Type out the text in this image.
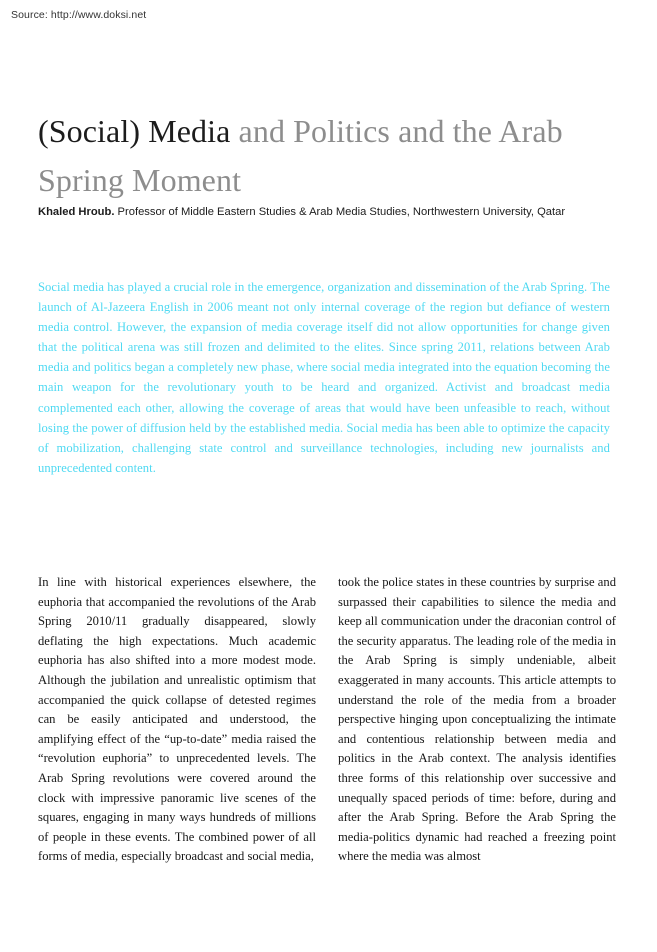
Source: http://www.doksi.net
(Social) Media and Politics and the Arab Spring Moment
Khaled Hroub. Professor of Middle Eastern Studies & Arab Media Studies, Northwestern University, Qatar
Social media has played a crucial role in the emergence, organization and dissemination of the Arab Spring. The launch of Al-Jazeera English in 2006 meant not only internal coverage of the region but defiance of western media control. However, the expansion of media coverage itself did not allow opportunities for change given that the political arena was still frozen and delimited to the elites. Since spring 2011, relations between Arab media and politics began a completely new phase, where social media integrated into the equation becoming the main weapon for the revolutionary youth to be heard and organized. Activist and broadcast media complemented each other, allowing the coverage of areas that would have been unfeasible to reach, without losing the power of diffusion held by the established media. Social media has been able to optimize the capacity of mobilization, challenging state control and surveillance technologies, including new journalists and unprecedented content.

In line with historical experiences elsewhere, the euphoria that accompanied the revolutions of the Arab Spring 2010/11 gradually disappeared, slowly deflating the high expectations. Much academic euphoria has also shifted into a more modest mode. Although the jubilation and unrealistic optimism that accompanied the quick collapse of detested regimes can be easily anticipated and understood, the amplifying effect of the “up-to-date” media raised the “revolution euphoria” to unprecedented levels. The Arab Spring revolutions were covered around the clock with impressive panoramic live scenes of the squares, engaging in many ways hundreds of millions of people in these events. The combined power of all forms of media, especially broadcast and social media,

took the police states in these countries by surprise and surpassed their capabilities to silence the media and keep all communication under the draconian control of the security apparatus. The leading role of the media in the Arab Spring is simply undeniable, albeit exaggerated in many accounts. This article attempts to understand the role of the media from a broader perspective hinging upon conceptualizing the intimate and contentious relationship between media and politics in the Arab context. The analysis identifies three forms of this relationship over successive and unequally spaced periods of time: before, during and after the Arab Spring. Before the Arab Spring the media-politics dynamic had reached a freezing point where the media was almost
